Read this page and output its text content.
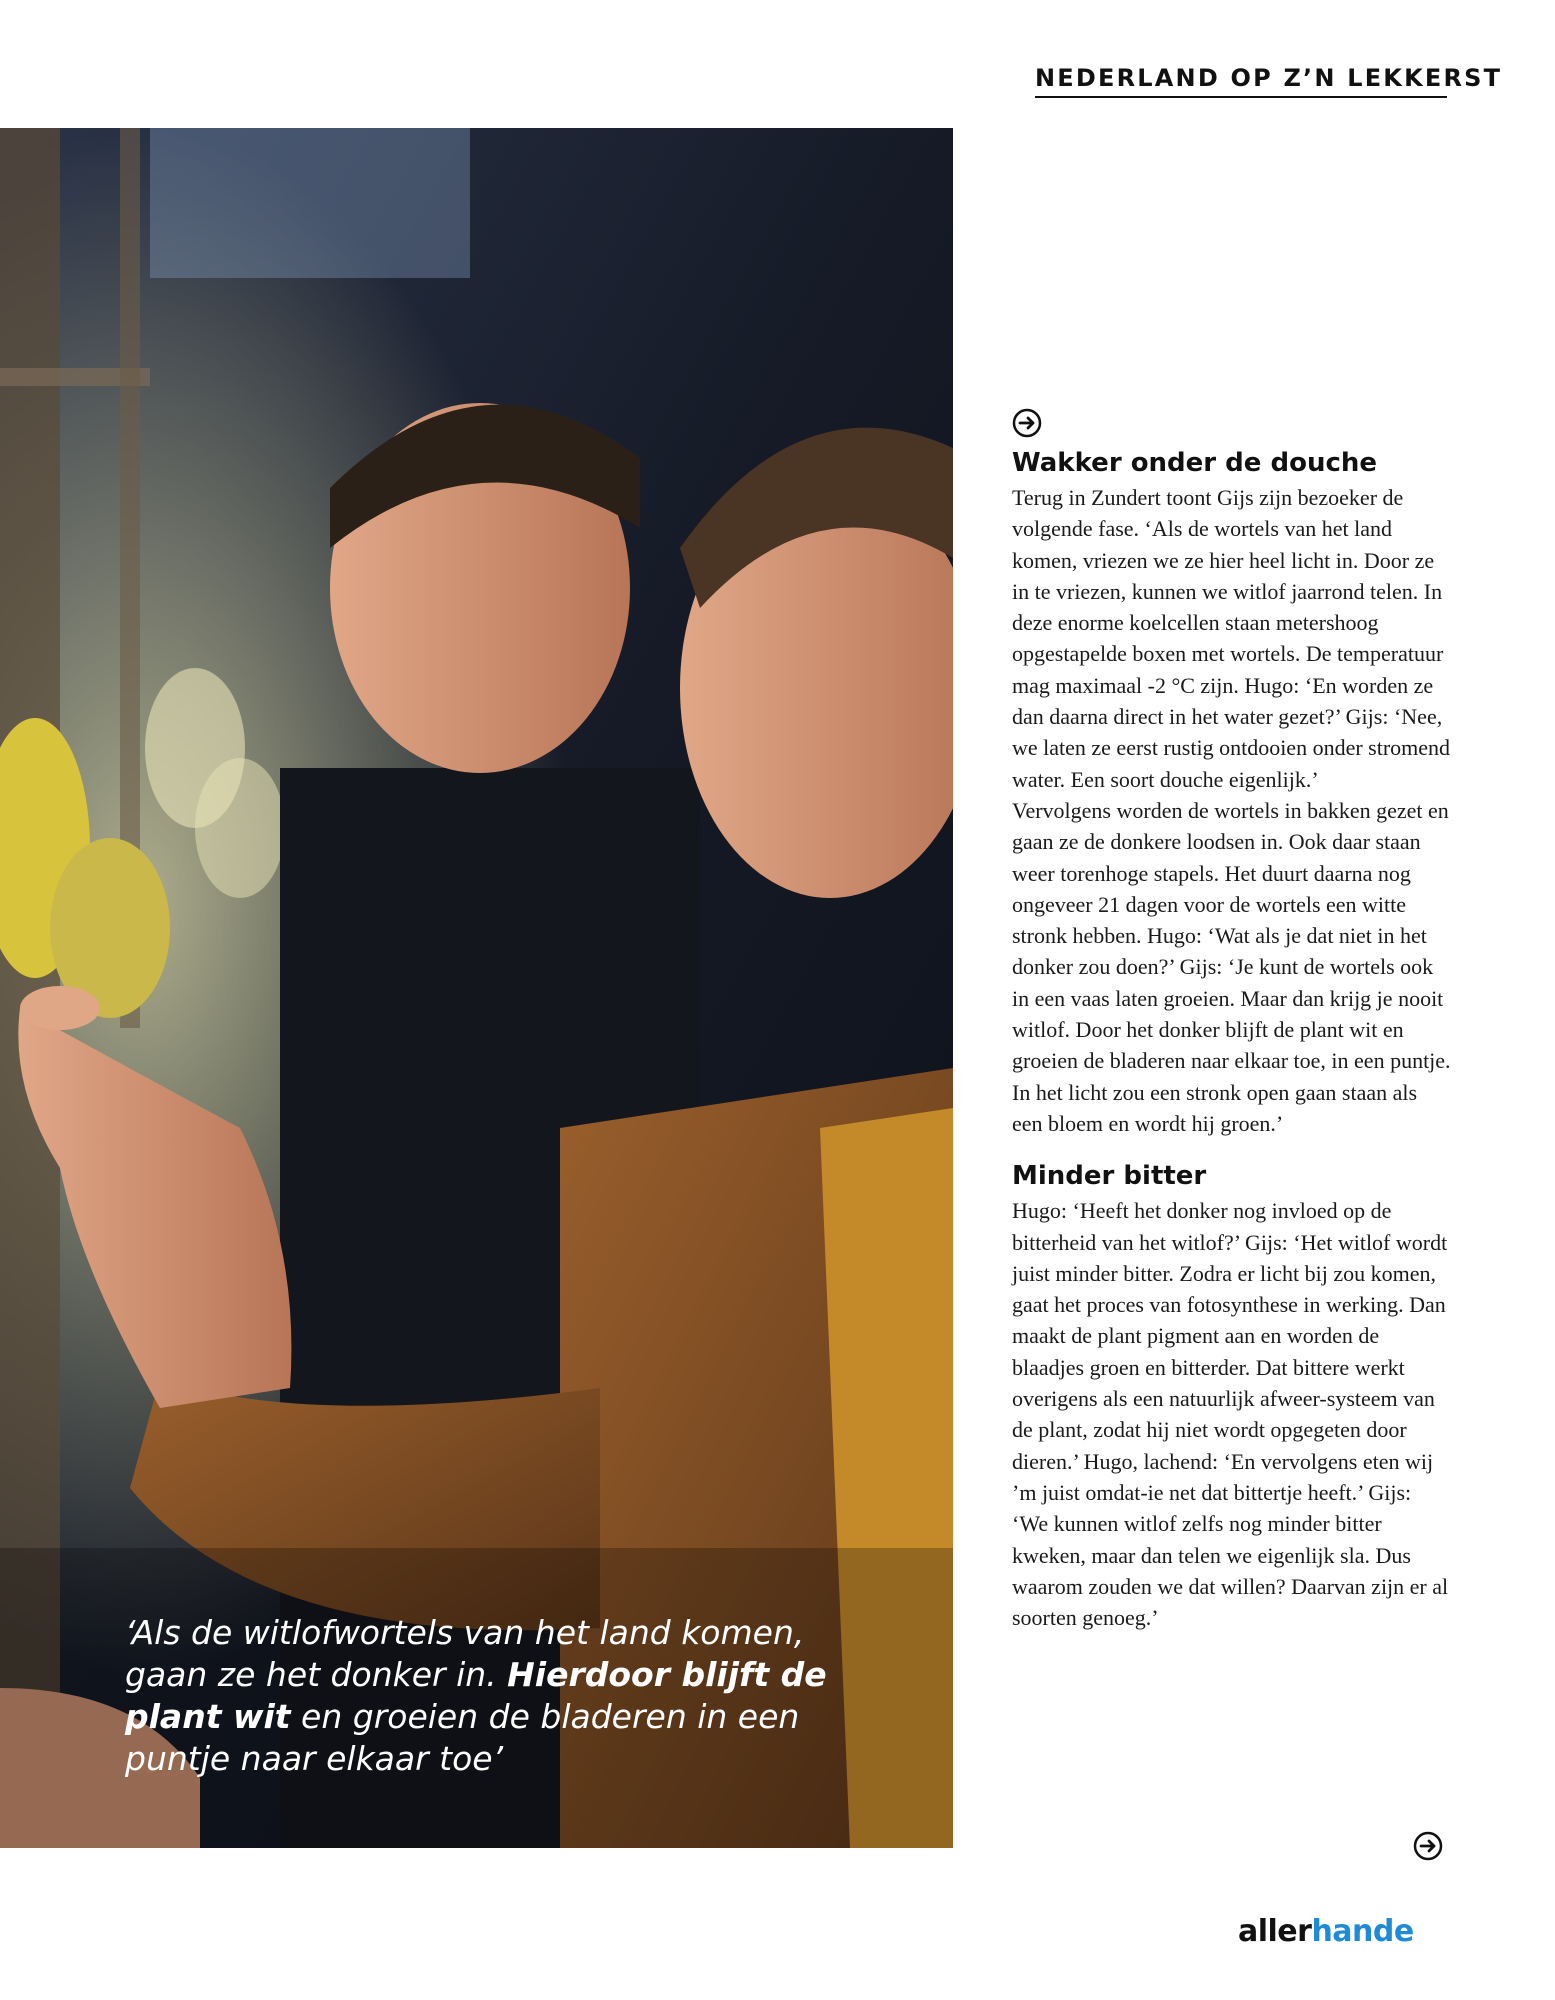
NEDERLAND OP Z’N LEKKERST
‘Als de witlofwortels van het land komen, gaan ze het donker in. Hierdoor blijft de plant wit en groeien de bladeren in een puntje naar elkaar toe’
Wakker onder de douche

Terug in Zundert toont Gijs zijn bezoeker de volgende fase. ‘Als de wortels van het land komen, vriezen we ze hier heel licht in. Door ze in te vriezen, kunnen we witlof jaarrond telen. In deze enorme koelcellen staan metershoog opgestapelde boxen met wortels. De temperatuur mag maximaal -2 °C zijn. Hugo: ‘En worden ze dan daarna direct in het water gezet?’ Gijs: ‘Nee, we laten ze eerst rustig ontdooien onder stromend water. Een soort douche eigenlijk.’

Vervolgens worden de wortels in bakken gezet en gaan ze de donkere loodsen in. Ook daar staan weer torenhoge stapels. Het duurt daarna nog ongeveer 21 dagen voor de wortels een witte stronk hebben. Hugo: ‘Wat als je dat niet in het donker zou doen?’ Gijs: ‘Je kunt de wortels ook in een vaas laten groeien. Maar dan krijg je nooit witlof. Door het donker blijft de plant wit en groeien de bladeren naar elkaar toe, in een puntje. In het licht zou een stronk open gaan staan als een bloem en wordt hij groen.’

Minder bitter

Hugo: ‘Heeft het donker nog invloed op de bitterheid van het witlof?’ Gijs: ‘Het witlof wordt juist minder bitter. Zodra er licht bij zou komen, gaat het proces van fotosynthese in werking. Dan maakt de plant pigment aan en worden de blaadjes groen en bitterder. Dat bittere werkt overigens als een natuurlijk afweer-systeem van de plant, zodat hij niet wordt opgegeten door dieren.’ Hugo, lachend: ‘En vervolgens eten wij ’m juist omdat-ie net dat bittertje heeft.’ Gijs: ‘We kunnen witlof zelfs nog minder bitter kweken, maar dan telen we eigenlijk sla. Dus waarom zouden we dat willen? Daarvan zijn er al soorten genoeg.’

allerhande
